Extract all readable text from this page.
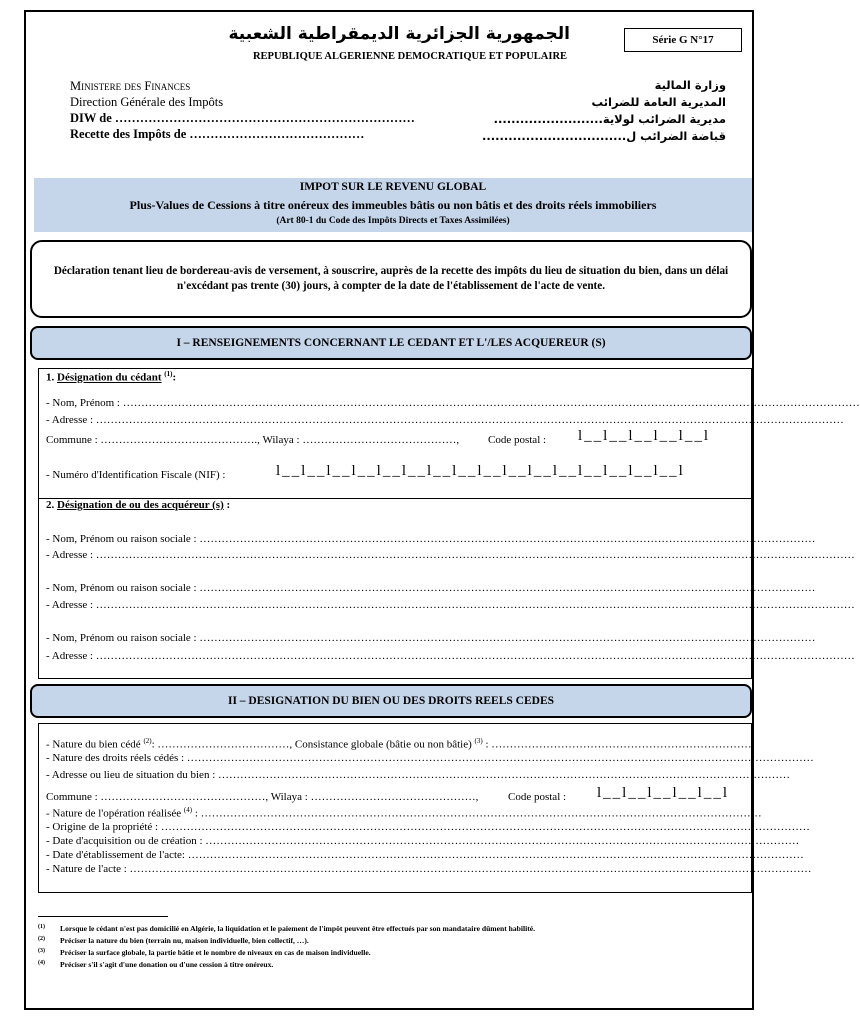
الجمهورية الجزائرية الديمقراطية الشعبية
REPUBLIQUE ALGERIENNE DEMOCRATIQUE ET POPULAIRE
Série G N°17
Ministere des Finances
Direction Générale des Impôts
DIW de ………………………………………………………………
Recette des Impôts de ……………………………………
وزارة المالية
المديرية العامة للضرائب
مديرية الضرائب لولاية.........................
قباضة الضرائب ل.................................
IMPOT SUR LE REVENU GLOBAL
Plus-Values de Cessions à titre onéreux des immeubles bâtis ou non bâtis et des droits réels immobiliers
(Art 80-1 du Code des Impôts Directs et Taxes Assimilées)
Déclaration tenant lieu de bordereau-avis de versement, à souscrire, auprès de la recette des impôts du lieu de situation du bien, dans un délai n'excédant pas trente (30) jours, à compter de la date de l'établissement de l'acte de vente.
I – RENSEIGNEMENTS CONCERNANT LE CEDANT ET L'/LES ACQUEREUR (S)
1. Désignation du cédant $^{(1)}$:
- Nom, Prénom : …………………………………………………………………………………………………………………………………………………………………………………
- Adresse : ……………………………………………………………………………………………………………………………………………………………………………………
Commune : ……………………………………., Wilaya : ……………………………………,	Code postal : l__l__l__l__l__l
- Numéro d'Identification Fiscale (NIF) :	l__l__l__l__l__l__l__l__l__l__l__l__l__l__l__l__l
2. Désignation de ou des acquéreur (s) :
- Nom, Prénom ou raison sociale : ……………………………………………………………………………………………………………………………………………………
- Adresse : ………………………………………………………………………………………………………………………………………………………………………………………
- Nom, Prénom ou raison sociale : ……………………………………………………………………………………………………………………………………………………
- Adresse : ………………………………………………………………………………………………………………………………………………………………………………………
- Nom, Prénom ou raison sociale : ……………………………………………………………………………………………………………………………………………………
- Adresse : ………………………………………………………………………………………………………………………………………………………………………………………
II – DESIGNATION DU BIEN OU DES DROITS REELS CEDES
- Nature du bien cédé $^{(2)}$: ………………………………, Consistance globale (bâtie ou non bâtie) $^{(3)}$ : ………………………………………………………………
- Nature des droits réels cédés : ………………………………………………………………………………………………………………………………………………………
- Adresse ou lieu de situation du bien : …………………………………………………………………………………………………………………………………………
Commune : ………………………………………, Wilaya : ………………………………………,	Code postal : l__l__l__l__l__l
- Nature de l'opération réalisée $^{(4)}$ : ………………………………………………………………………………………………………………………………………
- Origine de la propriété : ……………………………………………………………………………………………………………………………………………………………
- Date d'acquisition ou de création : ………………………………………………………………………………………………………………………………………………
- Date d'établissement de l'acte: ……………………………………………………………………………………………………………………………………………………
- Nature de l'acte : ……………………………………………………………………………………………………………………………………………………………………
(1) Lorsque le cédant n'est pas domicilié en Algérie, la liquidation et le paiement de l'impôt peuvent être effectués par son mandataire dûment habilité.
(2) Préciser la nature du bien (terrain nu, maison individuelle, bien collectif, …).
(3) Préciser la surface globale, la partie bâtie et le nombre de niveaux en cas de maison individuelle.
(4) Préciser s'il s'agit d'une donation ou d'une cession à titre onéreux.
